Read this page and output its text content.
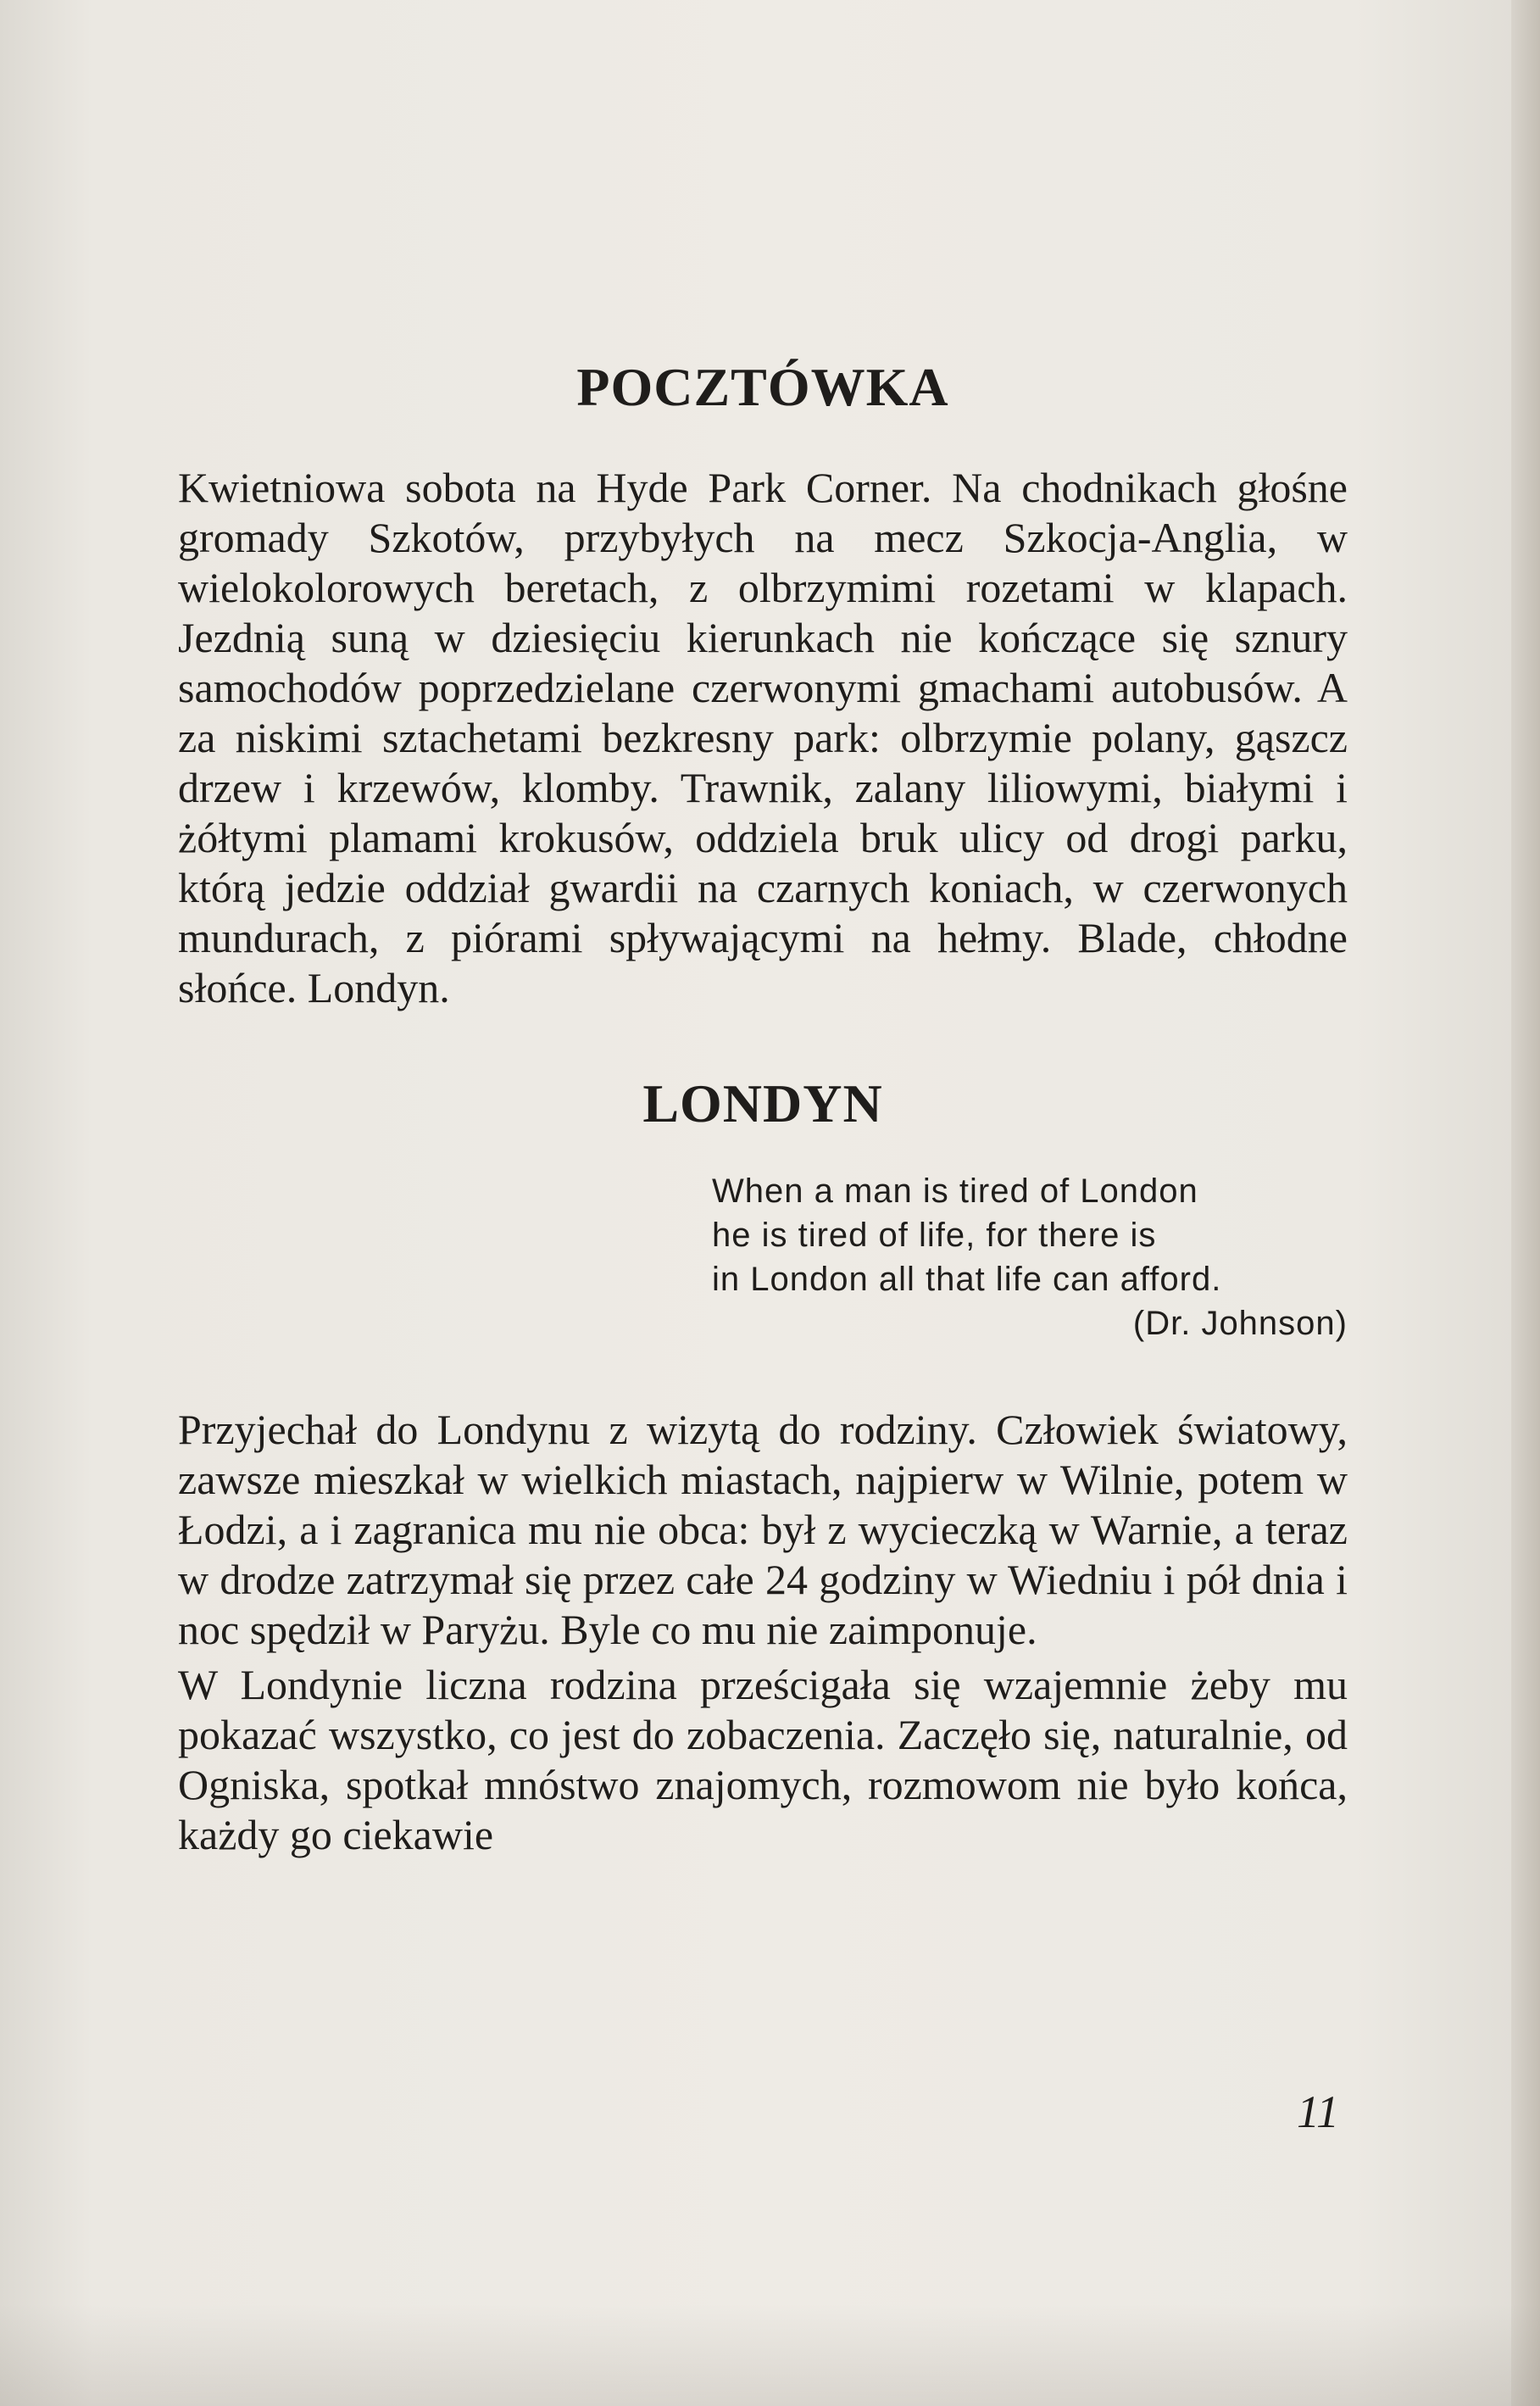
POCZTÓWKA

Kwietniowa sobota na Hyde Park Corner. Na chodnikach głośne gromady Szkotów, przybyłych na mecz Szkocja-Anglia, w wielokolorowych beretach, z olbrzymimi rozetami w klapach. Jezdnią suną w dziesięciu kierunkach nie kończące się sznury samochodów poprzedzielane czerwonymi gmachami autobusów. A za niskimi sztachetami bezkresny park: olbrzymie polany, gąszcz drzew i krzewów, klomby. Trawnik, zalany liliowymi, białymi i żółtymi plamami krokusów, oddziela bruk ulicy od drogi parku, którą jedzie oddział gwardii na czarnych koniach, w czerwonych mundurach, z piórami spływającymi na hełmy. Blade, chłodne słońce. Londyn.

LONDYN
When a man is tired of London
he is tired of life, for there is
in London all that life can afford.
(Dr. Johnson)

Przyjechał do Londynu z wizytą do rodziny. Człowiek światowy, zawsze mieszkał w wielkich miastach, najpierw w Wilnie, potem w Łodzi, a i zagranica mu nie obca: był z wycieczką w Warnie, a teraz w drodze zatrzymał się przez całe 24 godziny w Wiedniu i pół dnia i noc spędził w Paryżu. Byle co mu nie zaimponuje.

W Londynie liczna rodzina prześcigała się wzajemnie żeby mu pokazać wszystko, co jest do zobaczenia. Zaczęło się, naturalnie, od Ogniska, spotkał mnóstwo znajomych, rozmowom nie było końca, każdy go ciekawie

11
